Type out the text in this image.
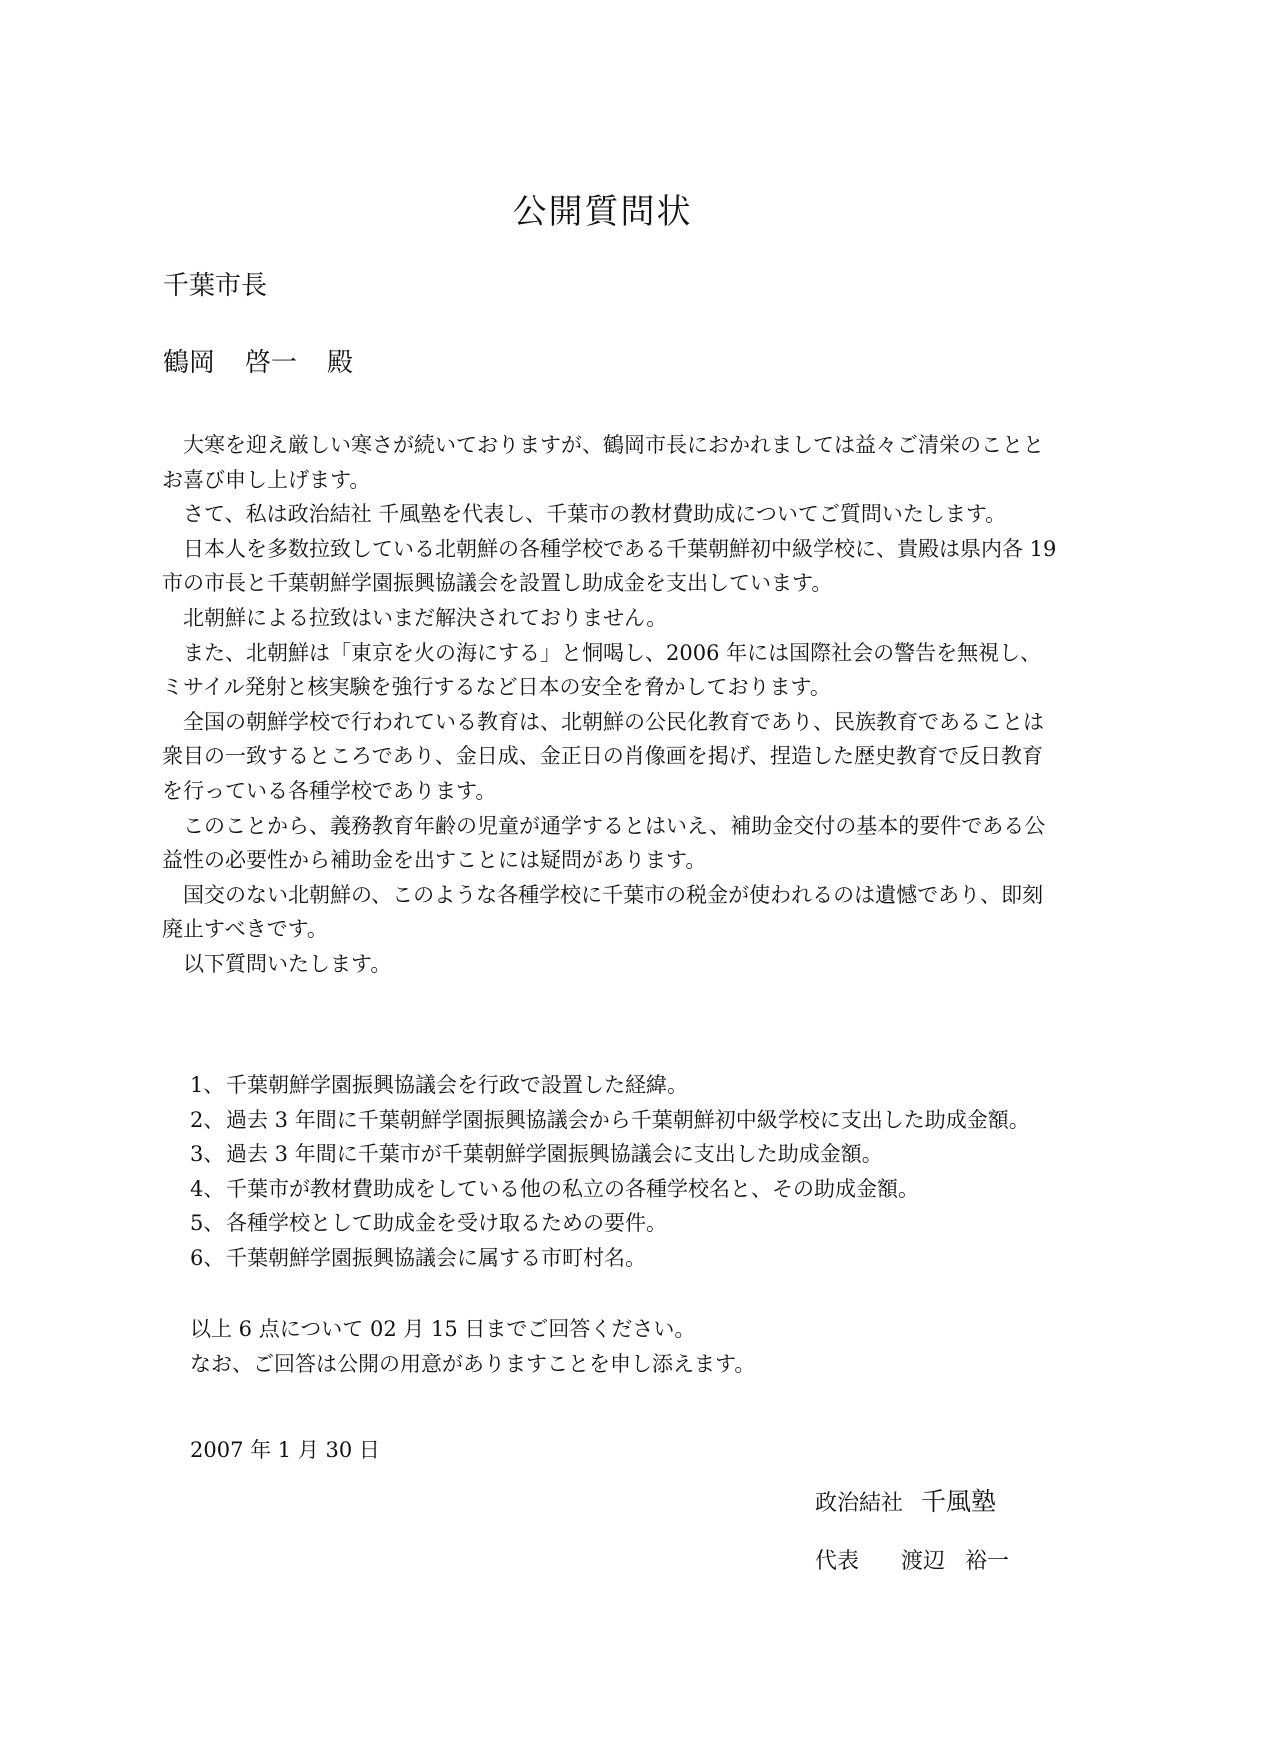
公開質問状
千葉市長
鶴岡 啓一 殿

大寒を迎え厳しい寒さが続いておりますが、鶴岡市長におかれましては益々ご清栄のこととお喜び申し上げます。

さて、私は政治結社 千風塾を代表し、千葉市の教材費助成についてご質問いたします。

日本人を多数拉致している北朝鮮の各種学校である千葉朝鮮初中級学校に、貴殿は県内各 19 市の市長と千葉朝鮮学園振興協議会を設置し助成金を支出しています。

北朝鮮による拉致はいまだ解決されておりません。

また、北朝鮮は「東京を火の海にする」と恫喝し、2006 年には国際社会の警告を無視し、ミサイル発射と核実験を強行するなど日本の安全を脅かしております。

全国の朝鮮学校で行われている教育は、北朝鮮の公民化教育であり、民族教育であることは衆目の一致するところであり、金日成、金正日の肖像画を掲げ、捏造した歴史教育で反日教育を行っている各種学校であります。

このことから、義務教育年齢の児童が通学するとはいえ、補助金交付の基本的要件である公益性の必要性から補助金を出すことには疑問があります。

国交のない北朝鮮の、このような各種学校に千葉市の税金が使われるのは遺憾であり、即刻廃止すべきです。

以下質問いたします。

1、 千葉朝鮮学園振興協議会を行政で設置した経緯。
2、 過去 3 年間に千葉朝鮮学園振興協議会から千葉朝鮮初中級学校に支出した助成金額。
3、 過去 3 年間に千葉市が千葉朝鮮学園振興協議会に支出した助成金額。
4、 千葉市が教材費助成をしている他の私立の各種学校名と、その助成金額。
5、 各種学校として助成金を受け取るための要件。
6、 千葉朝鮮学園振興協議会に属する市町村名。

以上 6 点について 02 月 15 日までご回答ください。

なお、ご回答は公開の用意がありますことを申し添えます。

2007 年 1 月 30 日
政治結社 千風塾
代表 渡辺 裕一
